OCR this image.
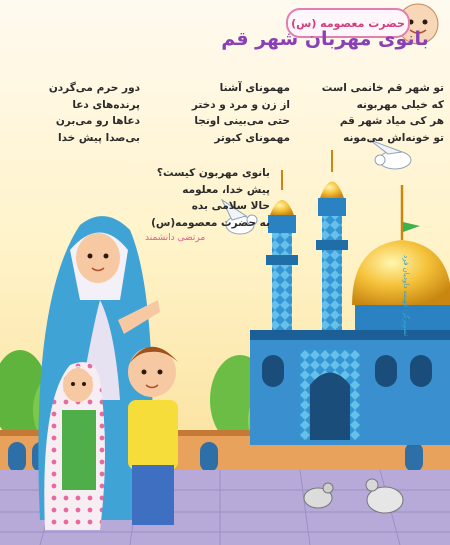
حضرت معصومه (س)
بانوی مهربان شهر قم
تو شهر قم خانمی است
که خیلی مهربونه
هر کی میاد شهر قم
تو خونه‌اش می‌مونه
مهمونای آشنا
از زن و مرد و دختر
حتی می‌بینی اونجا
مهمونای کبوتر
دور حرم می‌گردن
پرنده‌های دعا
دعاها رو می‌برن
بی‌صدا پیش خدا
بانوی مهربون کیست؟
پیش خدا، معلومه
حالا سلامی بده
به حضرت معصومه(س)
مرتضی دانشمند
تصویرگر: فهیمه داودیان فرد
